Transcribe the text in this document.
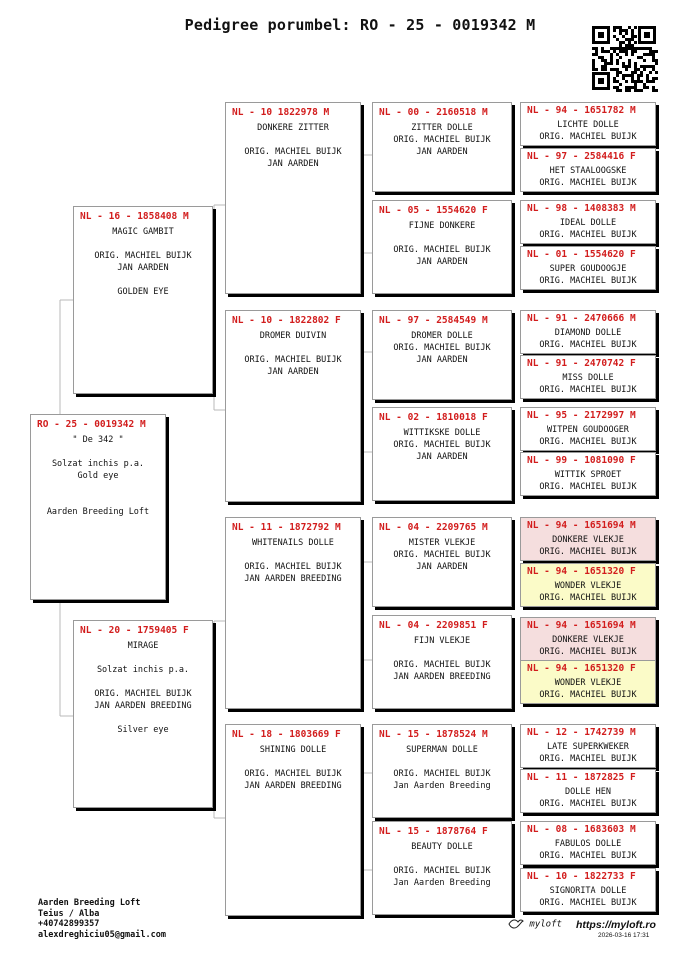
Pedigree porumbel: RO - 25 - 0019342 M
RO - 25 - 0019342 M
" De 342 "
Solzat inchis p.a.
Gold eye
Aarden Breeding Loft
NL - 16 - 1858408 M
MAGIC GAMBIT
ORIG. MACHIEL BUIJK
JAN AARDEN
GOLDEN EYE
NL - 20 - 1759405 F
MIRAGE
Solzat inchis p.a.
ORIG. MACHIEL BUIJK
JAN AARDEN BREEDING
Silver eye
NL - 10 1822978 M
DONKERE ZITTER
ORIG. MACHIEL BUIJK
JAN AARDEN
NL - 10 - 1822802 F
DROMER DUIVIN
ORIG. MACHIEL BUIJK
JAN AARDEN
NL - 11 - 1872792 M
WHITENAILS DOLLE
ORIG. MACHIEL BUIJK
JAN AARDEN BREEDING
NL - 18 - 1803669 F
SHINING DOLLE
ORIG. MACHIEL BUIJK
JAN AARDEN BREEDING
NL - 00 - 2160518 M
ZITTER DOLLE
ORIG. MACHIEL BUIJK
JAN AARDEN
NL - 05 - 1554620 F
FIJNE DONKERE
ORIG. MACHIEL BUIJK
JAN AARDEN
NL - 97 - 2584549 M
DROMER DOLLE
ORIG. MACHIEL BUIJK
JAN AARDEN
NL - 02 - 1810018 F
WITTIKSKE DOLLE
ORIG. MACHIEL BUIJK
JAN AARDEN
NL - 04 - 2209765 M
MISTER VLEKJE
ORIG. MACHIEL BUIJK
JAN AARDEN
NL - 04 - 2209851 F
FIJN VLEKJE
ORIG. MACHIEL BUIJK
JAN AARDEN BREEDING
NL - 15 - 1878524 M
SUPERMAN DOLLE
ORIG. MACHIEL BUIJK
Jan Aarden Breeding
NL - 15 - 1878764 F
BEAUTY DOLLE
ORIG. MACHIEL BUIJK
Jan Aarden Breeding
NL - 94 - 1651782 M
LICHTE DOLLE
ORIG. MACHIEL BUIJK
NL - 97 - 2584416 F
HET STAALOOGSKE
ORIG. MACHIEL BUIJK
NL - 98 - 1408383 M
IDEAL DOLLE
ORIG. MACHIEL BUIJK
NL - 01 - 1554620 F
SUPER GOUDOOGJE
ORIG. MACHIEL BUIJK
NL - 91 - 2470666 M
DIAMOND DOLLE
ORIG. MACHIEL BUIJK
NL - 91 - 2470742 F
MISS DOLLE
ORIG. MACHIEL BUIJK
NL - 95 - 2172997 M
WITPEN GOUDOOGER
ORIG. MACHIEL BUIJK
NL - 99 - 1081090 F
WITTIK SPROET
ORIG. MACHIEL BUIJK
NL - 94 - 1651694 M
DONKERE VLEKJE
ORIG. MACHIEL BUIJK
NL - 94 - 1651320 F
WONDER VLEKJE
ORIG. MACHIEL BUIJK
NL - 94 - 1651694 M
DONKERE VLEKJE
ORIG. MACHIEL BUIJK
NL - 94 - 1651320 F
WONDER VLEKJE
ORIG. MACHIEL BUIJK
NL - 12 - 1742739 M
LATE SUPERKWEKER
ORIG. MACHIEL BUIJK
NL - 11 - 1872825 F
DOLLE HEN
ORIG. MACHIEL BUIJK
NL - 08 - 1683603 M
FABULOS DOLLE
ORIG. MACHIEL BUIJK
NL - 10 - 1822733 F
SIGNORITA DOLLE
ORIG. MACHIEL BUIJK
Aarden Breeding Loft
Teius / Alba
+40742899357
alexdreghiciu05@gmail.com
myloft https://myloft.ro
2026-03-16 17:31
